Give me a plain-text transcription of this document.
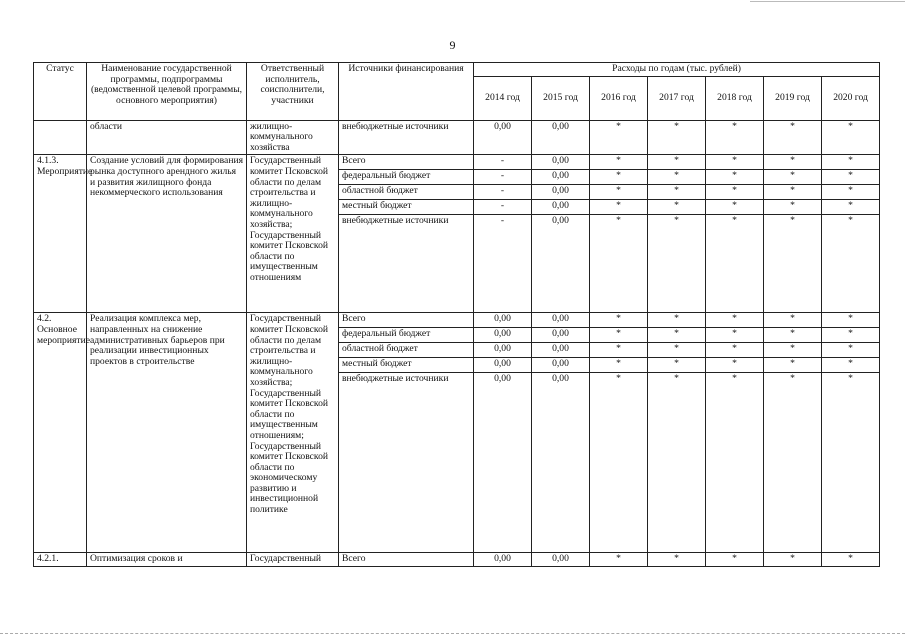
9
Статус	Наименование государственной программы, подпрограммы (ведомственной целевой программы, основного мероприятия)	Ответственный исполнитель, соисполнители, участники	Источники финансирования	Расходы по годам (тыс. рублей)						
				2014 год	2015 год	2016 год	2017 год	2018 год	2019 год	2020 год
	области	жилищно-коммунального хозяйства	внебюджетные источники	0,00	0,00	*	*	*	*	*
4.1.3. Мероприятие	Создание условий для формирования рынка доступного арендного жилья и развития жилищного фонда некоммерческого использования	Государственный комитет Псковской области по делам строительства и жилищно-коммунального хозяйства; Государственный комитет Псковской области по имущественным отношениям	Всего	-	0,00	*	*	*	*	*
			федеральный бюджет	-	0,00	*	*	*	*	*
			областной бюджет	-	0,00	*	*	*	*	*
			местный бюджет	-	0,00	*	*	*	*	*
			внебюджетные источники	-	0,00	*	*	*	*	*
4.2. Основное мероприятие	Реализация комплекса мер, направленных на снижение административных барьеров при реализации инвестиционных проектов в строительстве	Государственный комитет Псковской области по делам строительства и жилищно-коммунального хозяйства; Государственный комитет Псковской области по имущественным отношениям; Государственный комитет Псковской области по экономическому развитию и инвестиционной политике	Всего	0,00	0,00	*	*	*	*	*
			федеральный бюджет	0,00	0,00	*	*	*	*	*
			областной бюджет	0,00	0,00	*	*	*	*	*
			местный бюджет	0,00	0,00	*	*	*	*	*
			внебюджетные источники	0,00	0,00	*	*	*	*	*
4.2.1.	Оптимизация сроков и	Государственный	Всего	0,00	0,00	*	*	*	*	*
